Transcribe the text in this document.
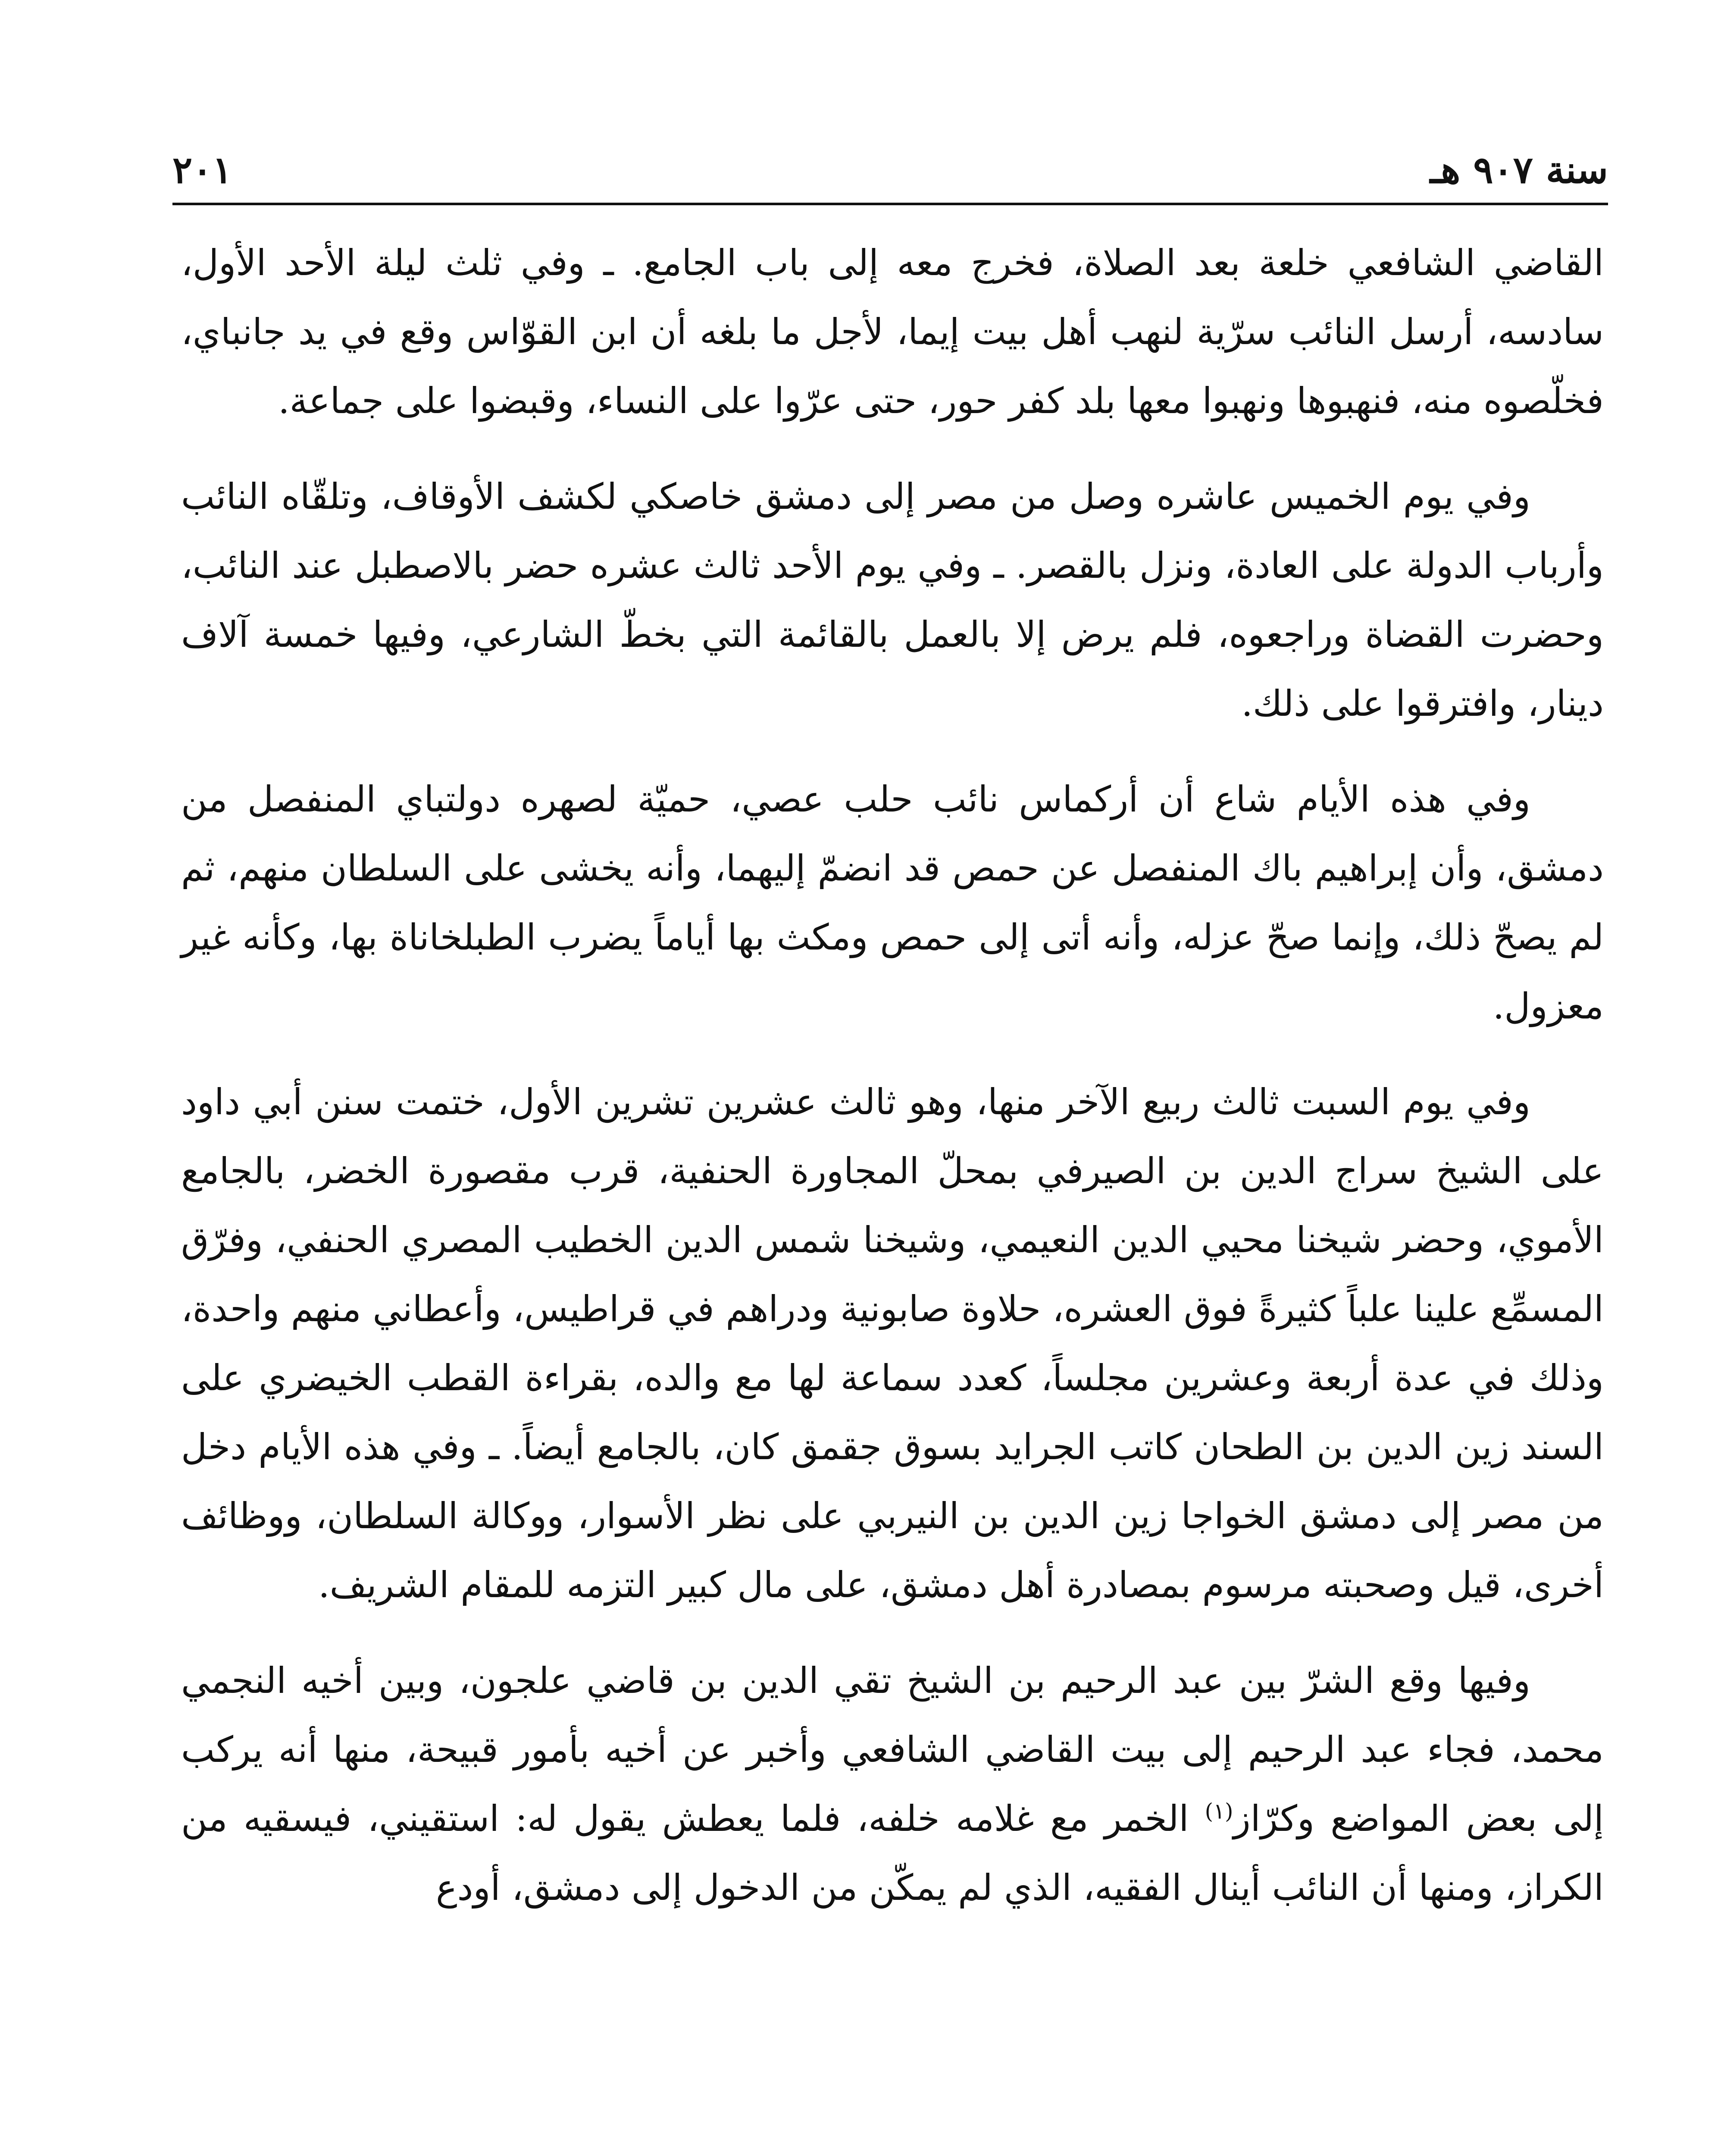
٢٠١	سنة ٩٠٧ هـ

القاضي الشافعي خلعة بعد الصلاة، فخرج معه إلى باب الجامع. ـ وفي ثلث ليلة الأحد الأول، سادسه، أرسل النائب سرّية لنهب أهل بيت إيما، لأجل ما بلغه أن ابن القوّاس وقع في يد جانباي، فخلّصوه منه، فنهبوها ونهبوا معها بلد كفر حور، حتى عرّوا على النساء، وقبضوا على جماعة.

وفي يوم الخميس عاشره وصل من مصر إلى دمشق خاصكي لكشف الأوقاف، وتلقّاه النائب وأرباب الدولة على العادة، ونزل بالقصر. ـ وفي يوم الأحد ثالث عشره حضر بالاصطبل عند النائب، وحضرت القضاة وراجعوه، فلم يرض إلا بالعمل بالقائمة التي بخطّ الشارعي، وفيها خمسة آلاف دينار، وافترقوا على ذلك.

وفي هذه الأيام شاع أن أركماس نائب حلب عصي، حميّة لصهره دولتباي المنفصل من دمشق، وأن إبراهيم باك المنفصل عن حمص قد انضمّ إليهما، وأنه يخشى على السلطان منهم، ثم لم يصحّ ذلك، وإنما صحّ عزله، وأنه أتى إلى حمص ومكث بها أياماً يضرب الطبلخاناة بها، وكأنه غير معزول.

وفي يوم السبت ثالث ربيع الآخر منها، وهو ثالث عشرين تشرين الأول، ختمت سنن أبي داود على الشيخ سراج الدين بن الصيرفي بمحلّ المجاورة الحنفية، قرب مقصورة الخضر، بالجامع الأموي، وحضر شيخنا محيي الدين النعيمي، وشيخنا شمس الدين الخطيب المصري الحنفي، وفرّق المسمِّع علينا علباً كثيرةً فوق العشره، حلاوة صابونية ودراهم في قراطيس، وأعطاني منهم واحدة، وذلك في عدة أربعة وعشرين مجلساً، كعدد سماعة لها مع والده، بقراءة القطب الخيضري على السند زين الدين بن الطحان كاتب الجرايد بسوق جقمق كان، بالجامع أيضاً. ـ وفي هذه الأيام دخل من مصر إلى دمشق الخواجا زين الدين بن النيربي على نظر الأسوار، ووكالة السلطان، ووظائف أخرى، قيل وصحبته مرسوم بمصادرة أهل دمشق، على مال كبير التزمه للمقام الشريف.

وفيها وقع الشرّ بين عبد الرحيم بن الشيخ تقي الدين بن قاضي علجون، وبين أخيه النجمي محمد، فجاء عبد الرحيم إلى بيت القاضي الشافعي وأخبر عن أخيه بأمور قبيحة، منها أنه يركب إلى بعض المواضع وكرّاز$^{(١)}$ الخمر مع غلامه خلفه، فلما يعطش يقول له: استقيني، فيسقيه من الكراز، ومنها أن النائب أينال الفقيه، الذي لم يمكّن من الدخول إلى دمشق، أودع
